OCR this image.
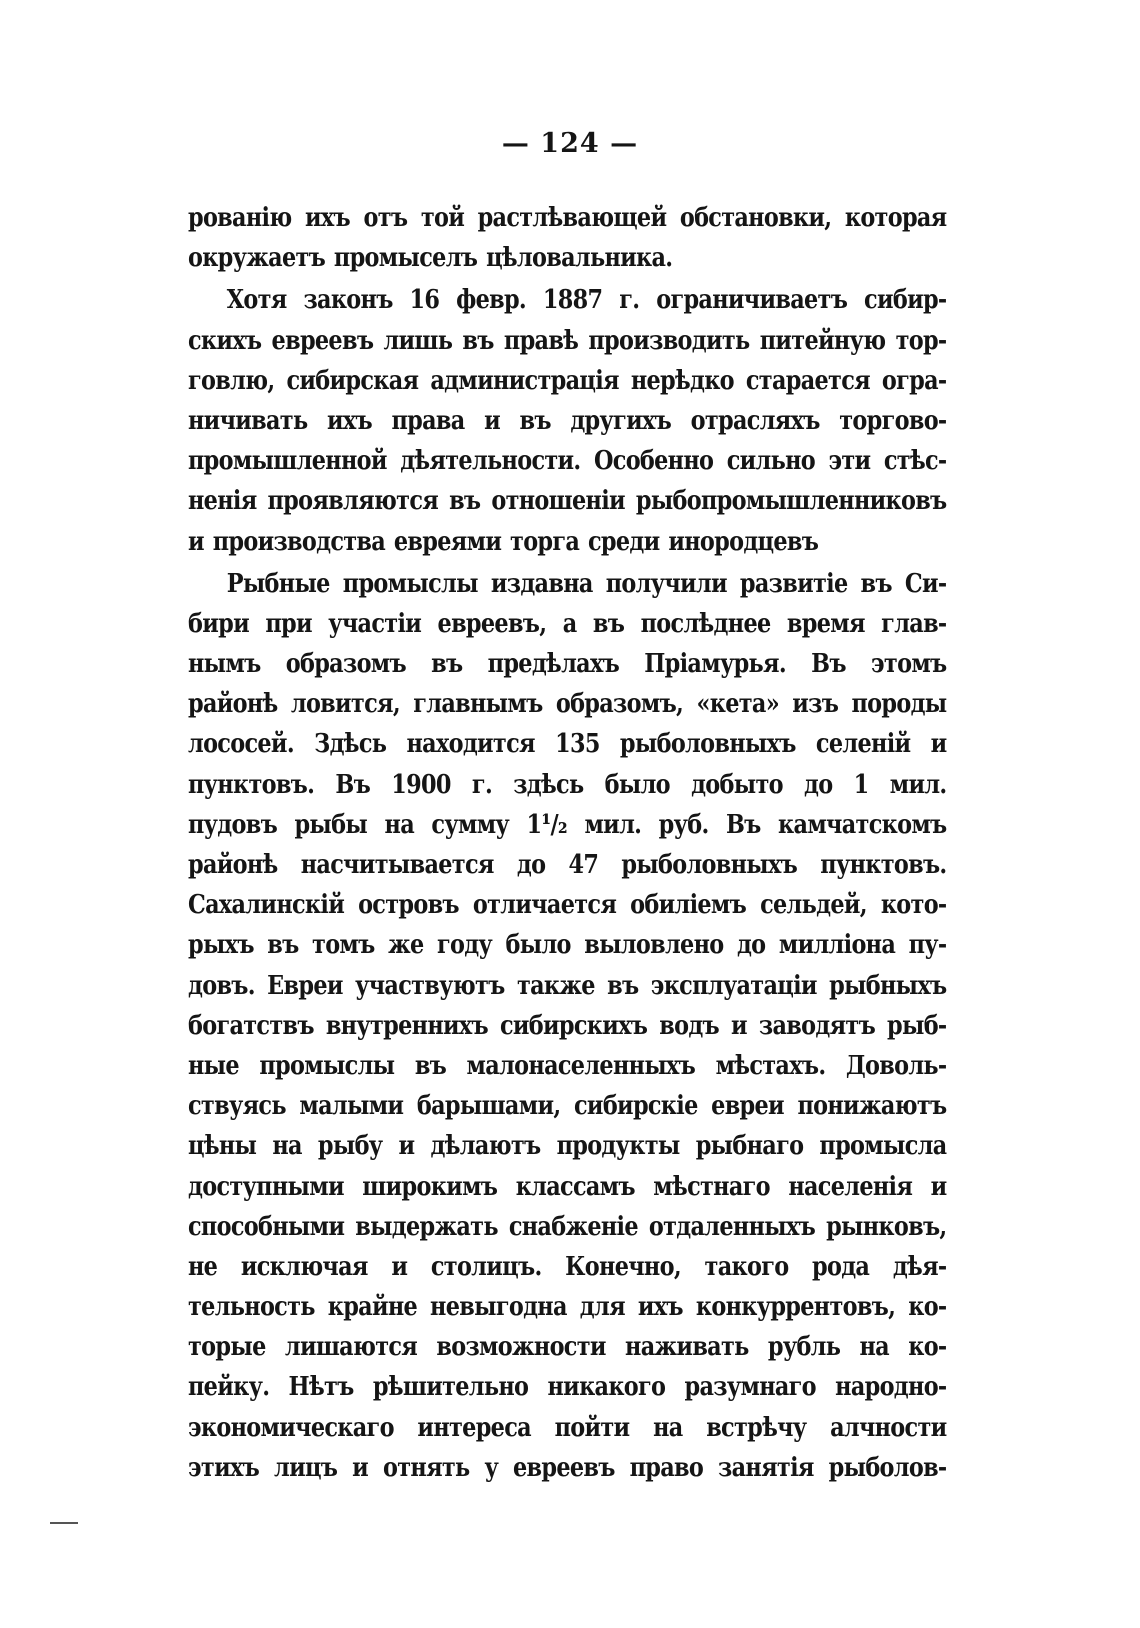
— 124 —
рованію ихъ отъ той растлѣвающей обстановки, которая
окружаетъ промыселъ цѣловальника.
Хотя законъ 16 февр. 1887 г. ограничиваетъ сибир-
скихъ евреевъ лишь въ правѣ производить питейную тор-
говлю, сибирская администрація нерѣдко старается огра-
ничивать ихъ права и въ другихъ отрасляхъ торгово-
промышленной дѣятельности. Особенно сильно эти стѣс-
ненія проявляются въ отношеніи рыбопромышленниковъ
и производства евреями торга среди инородцевъ
Рыбные промыслы издавна получили развитіе въ Си-
бири при участіи евреевъ, а въ послѣднее время глав-
нымъ образомъ въ предѣлахъ Пріамурья. Въ этомъ
районѣ ловится, главнымъ образомъ, «кета» изъ породы
лососей. Здѣсь находится 135 рыболовныхъ селеній и
пунктовъ. Въ 1900 г. здѣсь было добыто до 1 мил.
пудовъ рыбы на сумму 1¹/₂ мил. руб. Въ камчатскомъ
районѣ насчитывается до 47 рыболовныхъ пунктовъ.
Сахалинскій островъ отличается обиліемъ сельдей, кото-
рыхъ въ томъ же году было выловлено до милліона пу-
довъ. Евреи участвуютъ также въ эксплуатаціи рыбныхъ
богатствъ внутреннихъ сибирскихъ водъ и заводятъ рыб-
ные промыслы въ малонаселенныхъ мѣстахъ. Доволь-
ствуясь малыми барышами, сибирскіе евреи понижаютъ
цѣны на рыбу и дѣлаютъ продукты рыбнаго промысла
доступными широкимъ классамъ мѣстнаго населенія и
способными выдержать снабженіе отдаленныхъ рынковъ,
не исключая и столицъ. Конечно, такого рода дѣя-
тельность крайне невыгодна для ихъ конкуррентовъ, ко-
торые лишаются возможности наживать рубль на ко-
пейку. Нѣтъ рѣшительно никакого разумнаго народно-
экономическаго интереса пойти на встрѣчу алчности
этихъ лицъ и отнять у евреевъ право занятія рыболов-
